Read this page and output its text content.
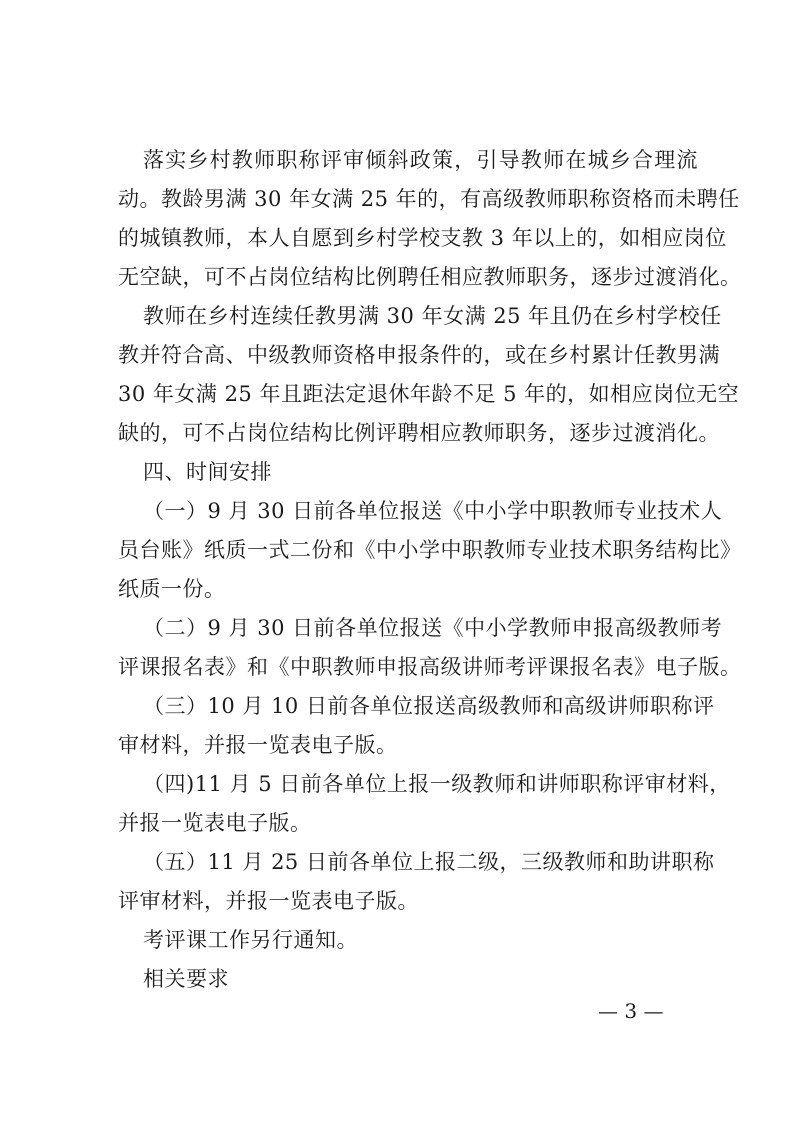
落实乡村教师职称评审倾斜政策，引导教师在城乡合理流
动。教龄男满 30 年女满 25 年的，有高级教师职称资格而未聘任
的城镇教师，本人自愿到乡村学校支教 3 年以上的，如相应岗位
无空缺，可不占岗位结构比例聘任相应教师职务，逐步过渡消化。
教师在乡村连续任教男满 30 年女满 25 年且仍在乡村学校任
教并符合高、中级教师资格申报条件的，或在乡村累计任教男满
30 年女满 25 年且距法定退休年龄不足 5 年的，如相应岗位无空
缺的，可不占岗位结构比例评聘相应教师职务，逐步过渡消化。
四、时间安排
（一）9 月 30 日前各单位报送《中小学中职教师专业技术人
员台账》纸质一式二份和《中小学中职教师专业技术职务结构比》
纸质一份。
（二）9 月 30 日前各单位报送《中小学教师申报高级教师考
评课报名表》和《中职教师申报高级讲师考评课报名表》电子版。
（三）10 月 10 日前各单位报送高级教师和高级讲师职称评
审材料，并报一览表电子版。
（四)11 月 5 日前各单位上报一级教师和讲师职称评审材料，
并报一览表电子版。
（五）11 月 25 日前各单位上报二级，三级教师和助讲职称
评审材料，并报一览表电子版。
考评课工作另行通知。
相关要求
— 3 —
